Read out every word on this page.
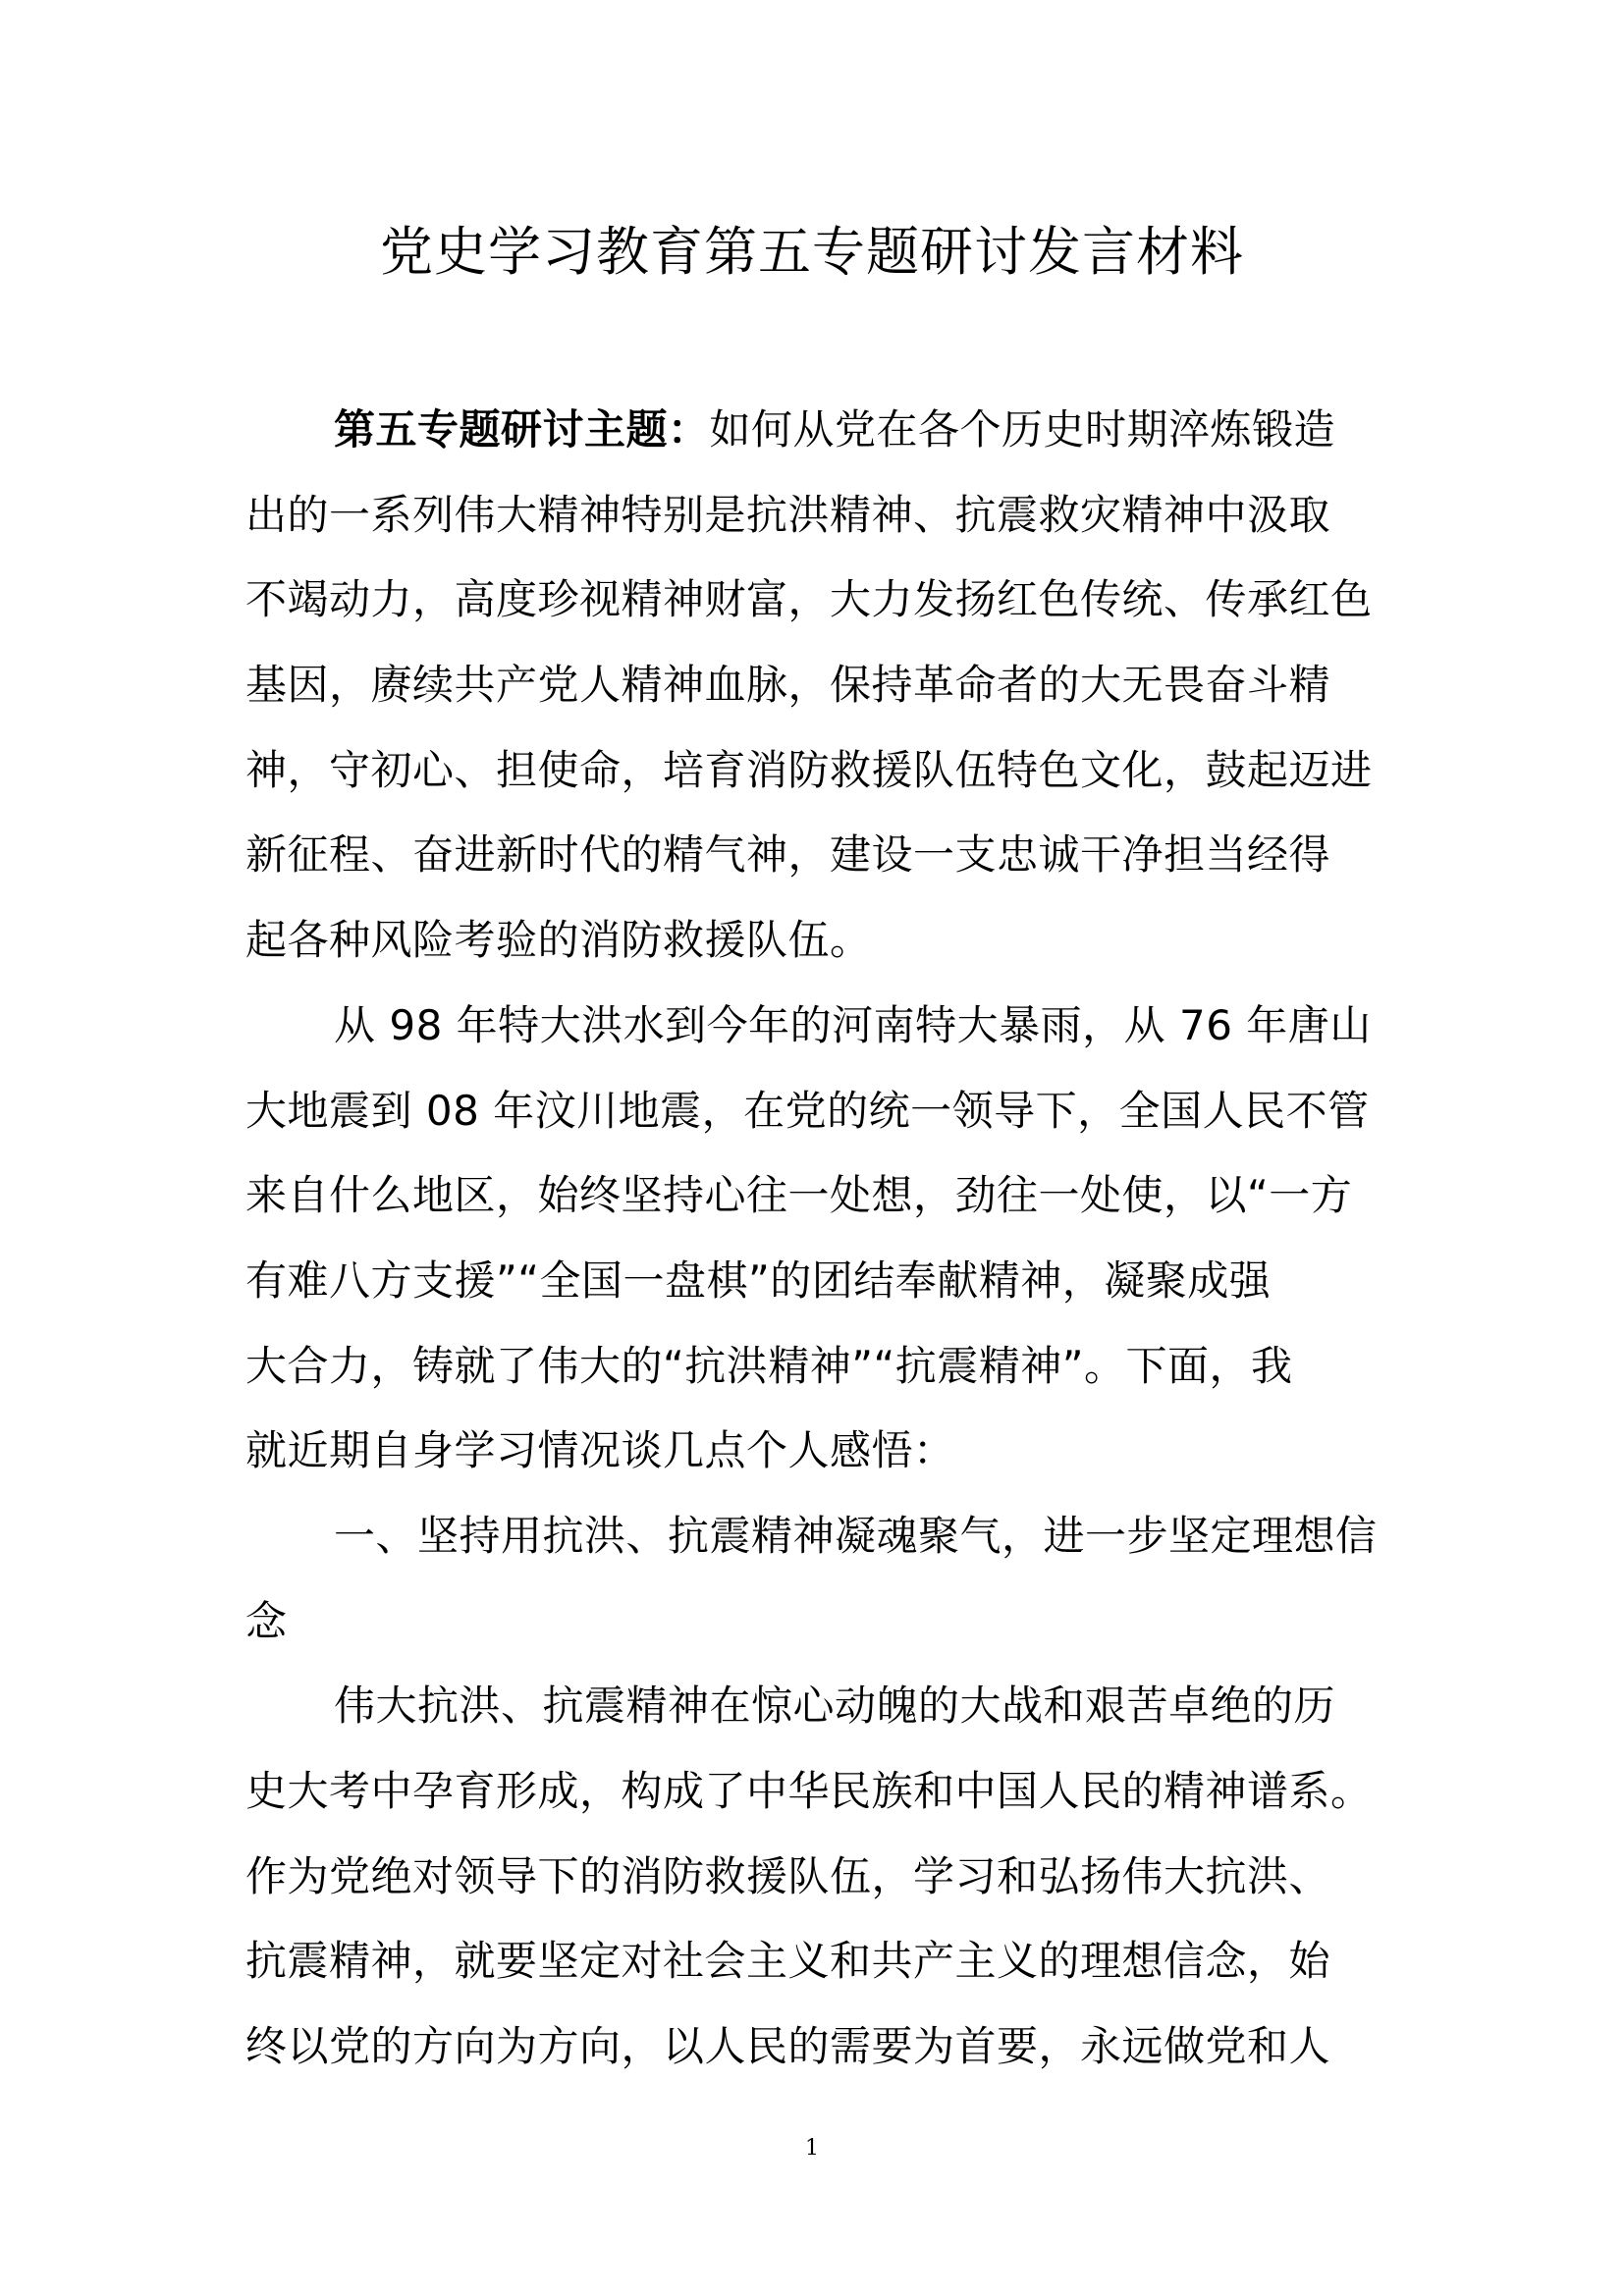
党史学习教育第五专题研讨发言材料
第五专题研讨主题：如何从党在各个历史时期淬炼锻造
出的一系列伟大精神特别是抗洪精神、抗震救灾精神中汲取
不竭动力，高度珍视精神财富，大力发扬红色传统、传承红色
基因，赓续共产党人精神血脉，保持革命者的大无畏奋斗精
神，守初心、担使命，培育消防救援队伍特色文化，鼓起迈进
新征程、奋进新时代的精气神，建设一支忠诚干净担当经得
起各种风险考验的消防救援队伍。
从 98 年特大洪水到今年的河南特大暴雨，从 76 年唐山
大地震到 08 年汶川地震，在党的统一领导下，全国人民不管
来自什么地区，始终坚持心往一处想，劲往一处使，以“一方
有难八方支援”“全国一盘棋”的团结奉献精神，凝聚成强
大合力，铸就了伟大的“抗洪精神”“抗震精神”。下面，我
就近期自身学习情况谈几点个人感悟：
一、坚持用抗洪、抗震精神凝魂聚气，进一步坚定理想信
念
伟大抗洪、抗震精神在惊心动魄的大战和艰苦卓绝的历
史大考中孕育形成，构成了中华民族和中国人民的精神谱系。
作为党绝对领导下的消防救援队伍，学习和弘扬伟大抗洪、
抗震精神，就要坚定对社会主义和共产主义的理想信念，始
终以党的方向为方向，以人民的需要为首要，永远做党和人
1
